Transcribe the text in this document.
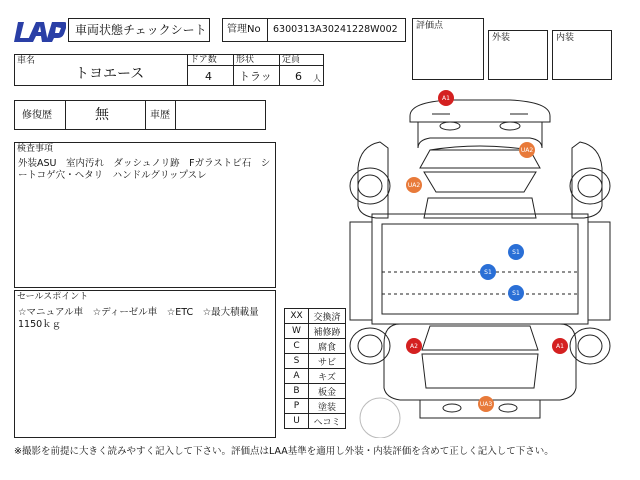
車両状態チェックシート 管理No 6300313A30241228W002 評価点
外装	内装
車名
トヨエース
ドア数
4
形状
トラッ
定員
6 人
修復歴	無	車歴
検査事項
外装ASU　室内汚れ　ダッシュノリ跡　Fガラストビ石　シートコゲ穴・ヘタリ　ハンドルグリップスレ
セールスポイント
☆マニュアル車　☆ディーゼル車　☆ETC　☆最大積載量1150ｋｇ
XX	交換済
W	補修跡
C	腐食
S	サビ
A	キズ
B	板金
P	塗装
U	ヘコミ
A1
UA2
UA2
S1
S1
S1
A2	A1
UA3
※撮影を前提に大きく読みやすく記入して下さい。評価点はLAA基準を適用し外装・内装評価を含めて正しく記入して下さい。
